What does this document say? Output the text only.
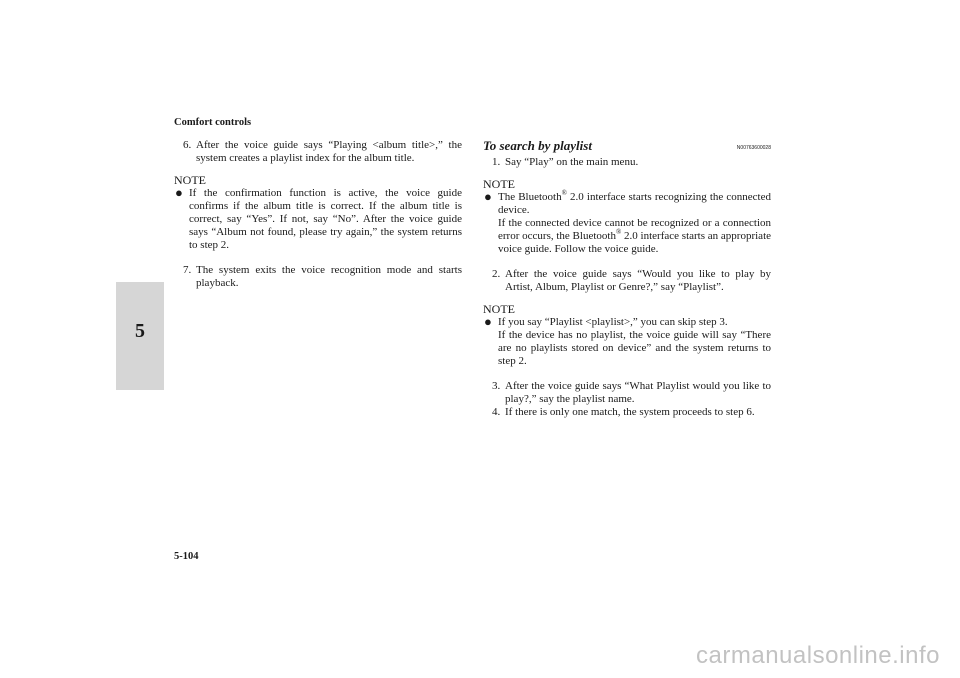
Comfort controls
5
6. After the voice guide says “Playing <album title>,” the system creates a playlist index for the album title.
NOTE
● If the confirmation function is active, the voice guide confirms if the album title is correct. If the album title is correct, say “Yes”. If not, say “No”. After the voice guide says “Album not found, please try again,” the system returns to step 2.

7. The system exits the voice recognition mode and starts playback.
To search by playlist	N00763600028
1. Say “Play” on the main menu.
NOTE
● The Bluetooth® 2.0 interface starts recognizing the connected device.

If the connected device cannot be recognized or a connection error occurs, the Bluetooth® 2.0 interface starts an appropriate voice guide. Follow the voice guide.

2. After the voice guide says “Would you like to play by Artist, Album, Playlist or Genre?,” say “Playlist”.
NOTE
● If you say “Playlist <playlist>,” you can skip step 3.

If the device has no playlist, the voice guide will say “There are no playlists stored on device” and the system returns to step 2.

3. After the voice guide says “What Playlist would you like to play?,” say the playlist name.
4. If there is only one match, the system proceeds to step 6.
5-104
carmanualsonline.info
